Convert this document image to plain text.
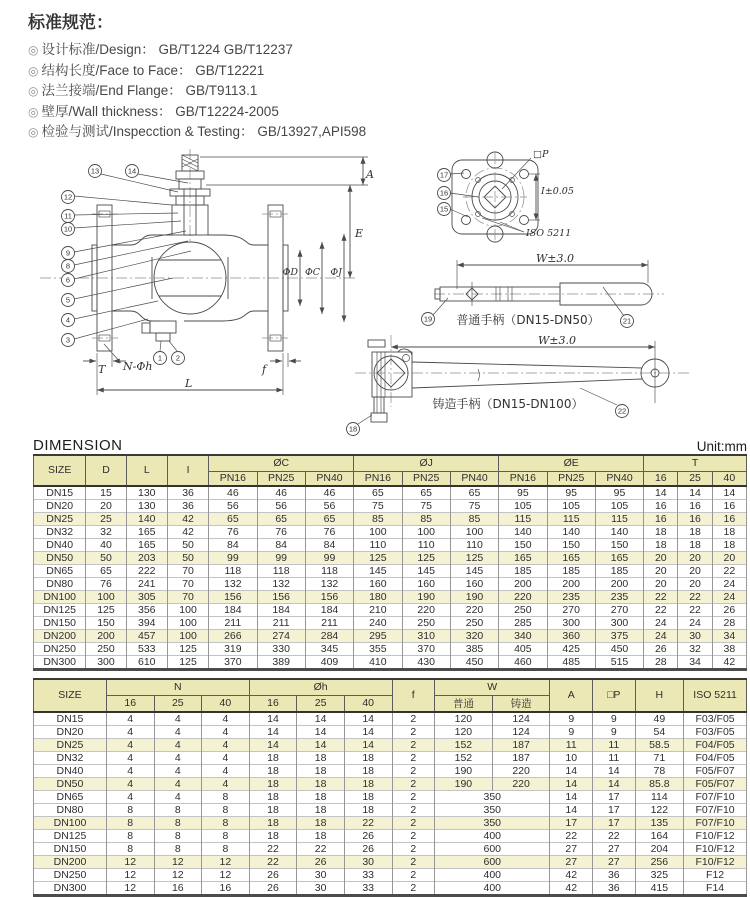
标准规范：
◎ 设计标准/Design： GB/T1224 GB/T12237
◎ 结构长度/Face to Face： GB/T12221
◎ 法兰接端/End Flange： GB/T9113.1
◎ 壁厚/Wall thickness： GB/T12224-2005
◎ 检验与测试/Inspecction & Testing： GB/13927,API598
A
E
ΦD ΦC ΦJ
L
T	f
N-Φh
□P
I±0.05
ISO 5211
W±3.0
普通手柄（DN15-DN50）
W±3.0
铸造手柄（DN15-DN100）
13	14
12
11
10
9
8
6
5
4
3
1 2
17
16
15
19	21
22
18
DIMENSION	Unit:mm
SIZE	D	L	I	ØC			ØJ			ØE			T		
				PN16	PN25	PN40	PN16	PN25	PN40	PN16	PN25	PN40	16	25	40
DN15	15	130	36	46	46	46	65	65	65	95	95	95	14	14	14
DN20	20	130	36	56	56	56	75	75	75	105	105	105	16	16	16
DN25	25	140	42	65	65	65	85	85	85	115	115	115	16	16	16
DN32	32	165	42	76	76	76	100	100	100	140	140	140	18	18	18
DN40	40	165	50	84	84	84	110	110	110	150	150	150	18	18	18
DN50	50	203	50	99	99	99	125	125	125	165	165	165	20	20	20
DN65	65	222	70	118	118	118	145	145	145	185	185	185	20	20	22
DN80	76	241	70	132	132	132	160	160	160	200	200	200	20	20	24
DN100	100	305	70	156	156	156	180	190	190	220	235	235	22	22	24
DN125	125	356	100	184	184	184	210	220	220	250	270	270	22	22	26
DN150	150	394	100	211	211	211	240	250	250	285	300	300	24	24	28
DN200	200	457	100	266	274	284	295	310	320	340	360	375	24	30	34
DN250	250	533	125	319	330	345	355	370	385	405	425	450	26	32	38
DN300	300	610	125	370	389	409	410	430	450	460	485	515	28	34	42
SIZE	N			Øh			f	W		A	□P	H	ISO 5211
	16	25	40	16	25	40		普通	铸造				
DN15	4	4	4	14	14	14	2	120	124	9	9	49	F03/F05
DN20	4	4	4	14	14	14	2	120	124	9	9	54	F03/F05
DN25	4	4	4	14	14	14	2	152	187	11	11	58.5	F04/F05
DN32	4	4	4	18	18	18	2	152	187	10	11	71	F04/F05
DN40	4	4	4	18	18	18	2	190	220	14	14	78	F05/F07
DN50	4	4	4	18	18	18	2	190	220	14	14	85.8	F05/F07
DN65	4	4	8	18	18	18	2	350		14	17	114	F07/F10
DN80	8	8	8	18	18	18	2	350		14	17	122	F07/F10
DN100	8	8	8	18	18	22	2	350		17	17	135	F07/F10
DN125	8	8	8	18	18	26	2	400		22	22	164	F10/F12
DN150	8	8	8	22	22	26	2	600		27	27	204	F10/F12
DN200	12	12	12	22	26	30	2	600		27	27	256	F10/F12
DN250	12	12	12	26	30	33	2	400		42	36	325	F12
DN300	12	16	16	26	30	33	2	400		42	36	415	F14
